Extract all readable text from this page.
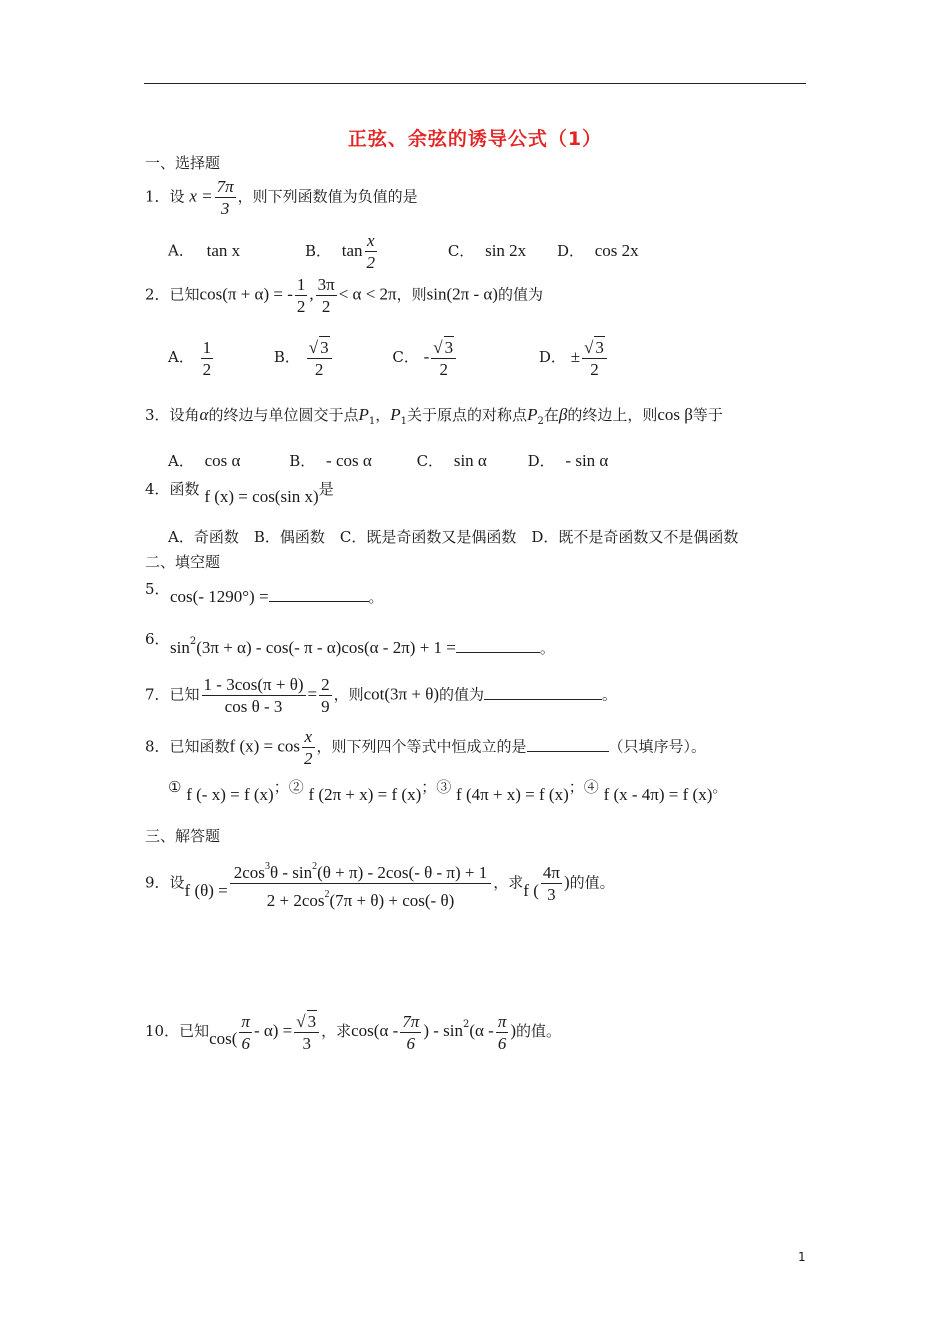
正弦、余弦的诱导公式（1）
一、选择题
1．设 $x = \frac{7\pi}{3}$ ，则下列函数值为负值的是
A． tan x	B． $\tan \frac{x}{2}$	C． sin 2x D． cos 2x
2．已知cos(π + α) = - $\frac{1}{2}$ , $\frac{3\pi}{2} < \alpha < 2\pi$，则sin(2π - α)的值为
A． $\frac{1}{2}$	B． $\frac{√ 3}{2}$	C． - $\frac{√ 3}{2}$	D． ± $\frac{√ 3}{2}$
3．设角α的终边与单位圆交于点$P_1$，$P_1$关于原点的对称点$P_2$在β的终边上，则cos β等于
A． cos α	B． - cos α	C． sin α	D． - sin α
4．函数 f (x) = cos(sin x)是
A．奇函数　B．偶函数　C．既是奇函数又是偶函数　D．既不是奇函数又不是偶函数
二、填空题
5． cos(- 1290°) =	。
6． $\sin^2(3\pi + \alpha) - \cos(-$ π - α)cos(α - 2π) + 1 =	。
7．已知 $\frac{1 - 3\cos(\pi + \theta)}{\text{cos θ - 3}} = \frac{2}{9}$ ，则cot(3π + θ)的值为	。
8．已知函数f $(x) = \cos \frac{x}{2}$ ，则下列四个等式中恒成立的是	（只填序号）。
① f (- x) = f (x)；② f (2π + x) = f (x)；③ f (4π + x) = f (x)；④ f (x - 4π) = f (x)。
三、解答题
9．设f $(\theta) = \frac{2\cos^3\theta - \sin^2(\theta + \pi) - 2\cos(- \theta - \pi) + 1}{2 + 2\cos^2(7\pi + \theta) + \cos(- \theta)}$ ，求f ( $\frac{4\pi}{3}$ )的值。
10．已知$\cos( \frac{\pi}{6} - \alpha) = \frac{√ 3}{3}$ ，求$\cos(\alpha - \frac{7\pi}{6}$ ) - $\sin^2(\alpha - \frac{\pi}{6}$ )的值。
1
